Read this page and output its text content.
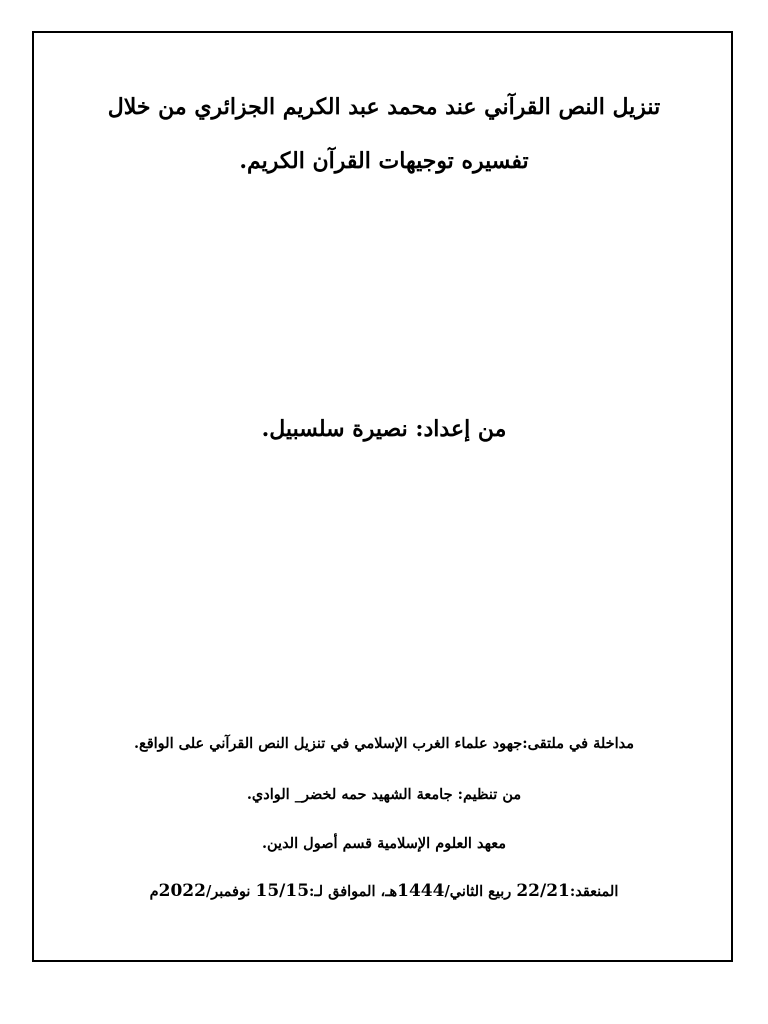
تنزيل النص القرآني عند محمد عبد الكريم الجزائري من خلال
تفسيره توجيهات القرآن الكريم.
من إعداد: نصيرة سلسبيل.
مداخلة في ملتقى:جهود علماء الغرب الإسلامي في تنزيل النص القرآني على الواقع.
من تنظيم: جامعة الشهيد حمه لخضر_ الوادي.
معهد العلوم الإسلامية قسم أصول الدين.
المنعقد:22/21 ربيع الثاني/1444هـ، الموافق لـ:15/15 نوفمبر/2022م
